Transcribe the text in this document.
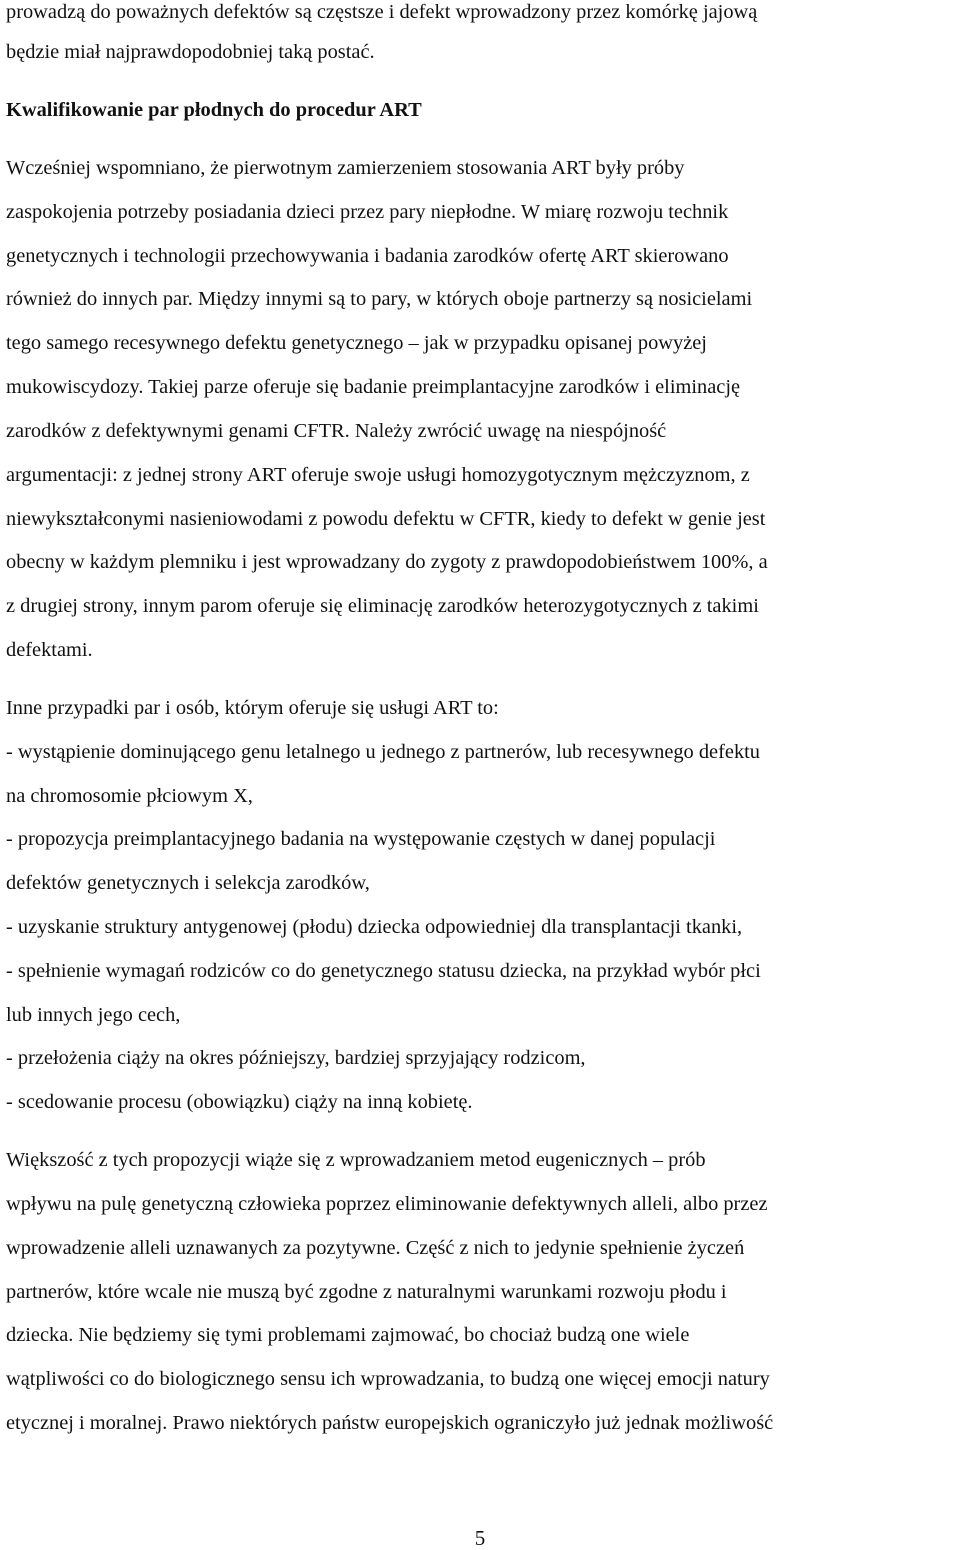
prowadzą do poważnych defektów są częstsze i defekt wprowadzony przez komórkę jajową
będzie miał najprawdopodobniej taką postać.
Kwalifikowanie par płodnych do procedur ART
Wcześniej wspomniano, że pierwotnym zamierzeniem stosowania ART były próby
zaspokojenia potrzeby posiadania dzieci przez pary niepłodne. W miarę rozwoju technik
genetycznych i technologii przechowywania i badania zarodków ofertę ART skierowano
również do innych par. Między innymi są to pary, w których oboje partnerzy są nosicielami
tego samego recesywnego defektu genetycznego – jak w przypadku opisanej powyżej
mukowiscydozy. Takiej parze oferuje się badanie preimplantacyjne zarodków i eliminację
zarodków z defektywnymi genami CFTR. Należy zwrócić uwagę na niespójność
argumentacji: z jednej strony ART oferuje swoje usługi homozygotycznym mężczyznom, z
niewykształconymi nasieniowodami z powodu defektu w CFTR, kiedy to defekt w genie jest
obecny w każdym plemniku i jest wprowadzany do zygoty z prawdopodobieństwem 100%, a
z drugiej strony, innym parom oferuje się eliminację zarodków heterozygotycznych z takimi
defektami.
Inne przypadki par i osób, którym oferuje się usługi ART to:
- wystąpienie dominującego genu letalnego u jednego z partnerów, lub recesywnego defektu
na chromosomie płciowym X,
- propozycja preimplantacyjnego badania na występowanie częstych w danej populacji
defektów genetycznych i selekcja zarodków,
- uzyskanie struktury antygenowej (płodu) dziecka odpowiedniej dla transplantacji tkanki,
- spełnienie wymagań rodziców co do genetycznego statusu dziecka, na przykład wybór płci
lub innych jego cech,
- przełożenia ciąży na okres późniejszy, bardziej sprzyjający rodzicom,
- scedowanie procesu (obowiązku) ciąży na inną kobietę.
Większość z tych propozycji wiąże się z wprowadzaniem metod eugenicznych – prób
wpływu na pulę genetyczną człowieka poprzez eliminowanie defektywnych alleli, albo przez
wprowadzenie alleli uznawanych za pozytywne. Część z nich to jedynie spełnienie życzeń
partnerów, które wcale nie muszą być zgodne z naturalnymi warunkami rozwoju płodu i
dziecka. Nie będziemy się tymi problemami zajmować, bo chociaż budzą one wiele
wątpliwości co do biologicznego sensu ich wprowadzania, to budzą one więcej emocji natury
etycznej i moralnej. Prawo niektórych państw europejskich ograniczyło już jednak możliwość
5
